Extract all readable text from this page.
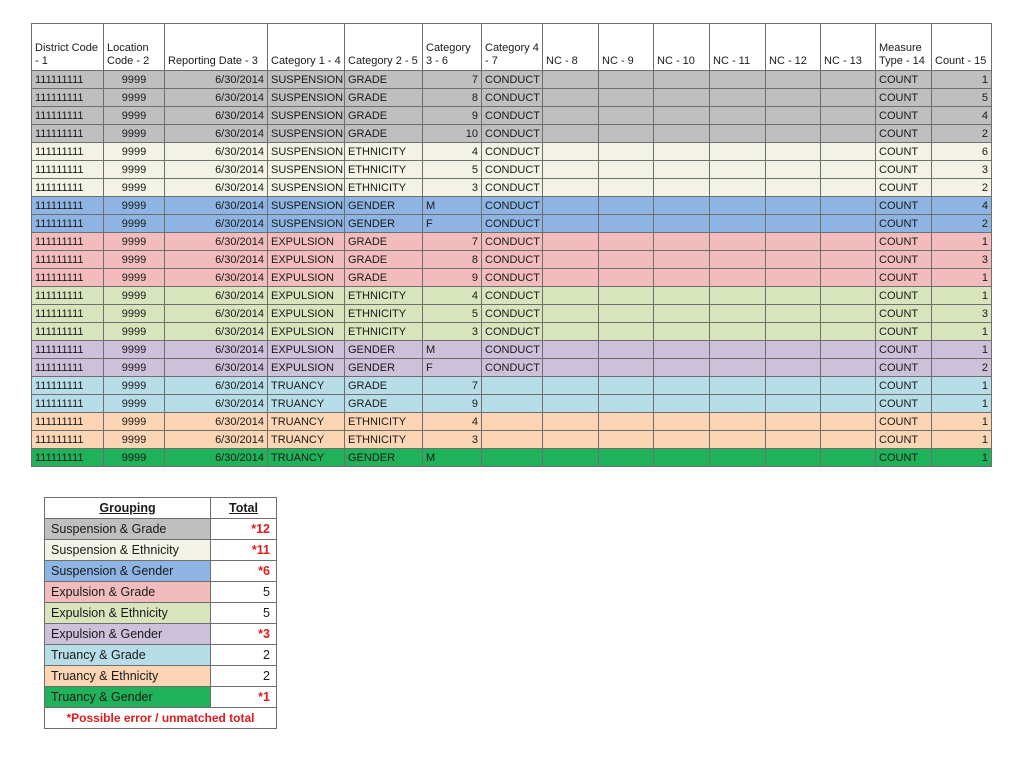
District Code - 1	Location Code - 2	Reporting Date - 3	Category 1 - 4	Category 2 - 5	Category 3 - 6	Category 4 - 7	NC - 8	NC - 9	NC - 10	NC - 11	NC - 12	NC - 13	Measure Type - 14	Count - 15
111111111	9999	6/30/2014	SUSPENSION	GRADE	7	CONDUCT							COUNT	1
111111111	9999	6/30/2014	SUSPENSION	GRADE	8	CONDUCT							COUNT	5
111111111	9999	6/30/2014	SUSPENSION	GRADE	9	CONDUCT							COUNT	4
111111111	9999	6/30/2014	SUSPENSION	GRADE	10	CONDUCT							COUNT	2
111111111	9999	6/30/2014	SUSPENSION	ETHNICITY	4	CONDUCT							COUNT	6
111111111	9999	6/30/2014	SUSPENSION	ETHNICITY	5	CONDUCT							COUNT	3
111111111	9999	6/30/2014	SUSPENSION	ETHNICITY	3	CONDUCT							COUNT	2
111111111	9999	6/30/2014	SUSPENSION	GENDER	M	CONDUCT							COUNT	4
111111111	9999	6/30/2014	SUSPENSION	GENDER	F	CONDUCT							COUNT	2
111111111	9999	6/30/2014	EXPULSION	GRADE	7	CONDUCT							COUNT	1
111111111	9999	6/30/2014	EXPULSION	GRADE	8	CONDUCT							COUNT	3
111111111	9999	6/30/2014	EXPULSION	GRADE	9	CONDUCT							COUNT	1
111111111	9999	6/30/2014	EXPULSION	ETHNICITY	4	CONDUCT							COUNT	1
111111111	9999	6/30/2014	EXPULSION	ETHNICITY	5	CONDUCT							COUNT	3
111111111	9999	6/30/2014	EXPULSION	ETHNICITY	3	CONDUCT							COUNT	1
111111111	9999	6/30/2014	EXPULSION	GENDER	M	CONDUCT							COUNT	1
111111111	9999	6/30/2014	EXPULSION	GENDER	F	CONDUCT							COUNT	2
111111111	9999	6/30/2014	TRUANCY	GRADE	7								COUNT	1
111111111	9999	6/30/2014	TRUANCY	GRADE	9								COUNT	1
111111111	9999	6/30/2014	TRUANCY	ETHNICITY	4								COUNT	1
111111111	9999	6/30/2014	TRUANCY	ETHNICITY	3								COUNT	1
111111111	9999	6/30/2014	TRUANCY	GENDER	M								COUNT	1
Grouping	Total
Suspension & Grade	*12
Suspension & Ethnicity	*11
Suspension & Gender	*6
Expulsion & Grade	5
Expulsion & Ethnicity	5
Expulsion & Gender	*3
Truancy & Grade	2
Truancy & Ethnicity	2
Truancy & Gender	*1
*Possible error / unmatched total	
